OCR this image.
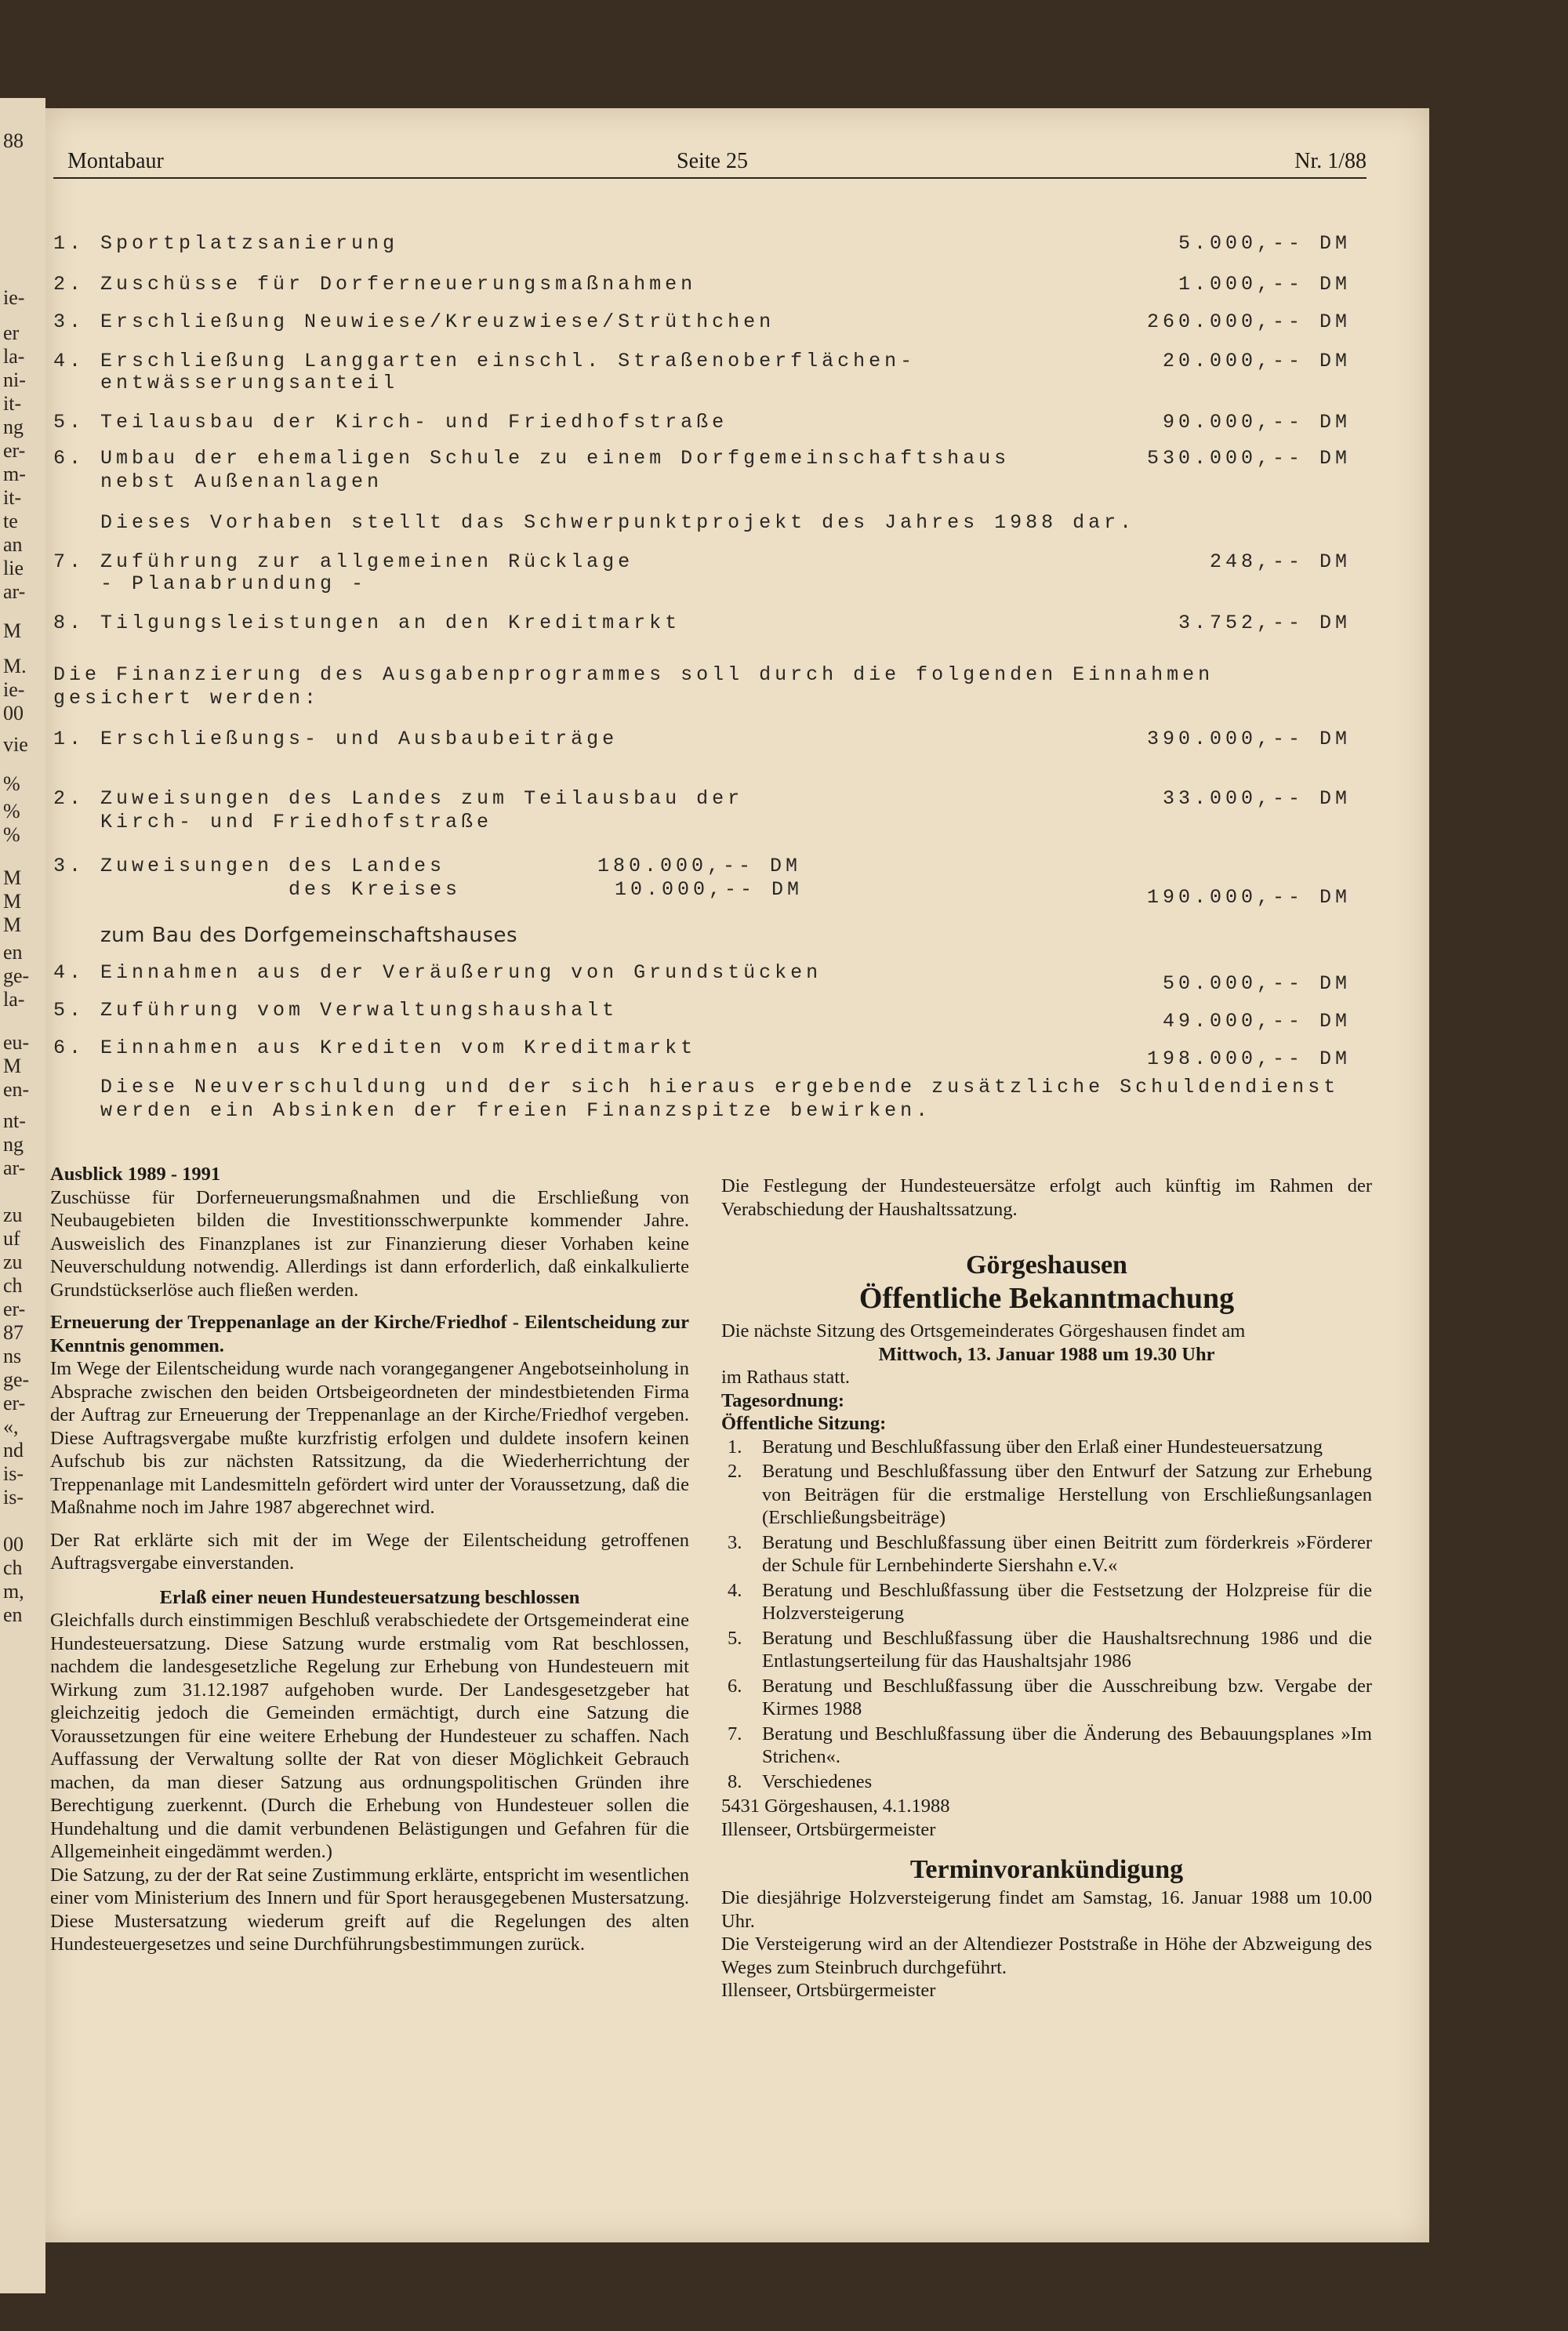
88
ie-
er
la-
ni-
it-
ng
er-
m-
it-
te
an
lie
ar-
M
M.
ie-
00
vie
%
%
%
M
M
M
en
ge-
la-
eu-
M
en-
nt-
ng
ar-
zu
uf
zu
ch
er-
87
ns
ge-
er-
«,
nd
is-
is-
00
ch
m,
en
Montabaur	Seite 25	Nr. 1/88
1. Sportplatzsanierung	5.000,-- DM
2. Zuschüsse für Dorferneuerungsmaßnahmen	1.000,-- DM
3. Erschließung Neuwiese/Kreuzwiese/Strüthchen	260.000,-- DM
4. Erschließung Langgarten einschl. Straßenoberflächen-	20.000,-- DM
entwässerungsanteil
5. Teilausbau der Kirch- und Friedhofstraße	90.000,-- DM
6. Umbau der ehemaligen Schule zu einem Dorfgemeinschaftshaus	530.000,-- DM
nebst Außenanlagen
Dieses Vorhaben stellt das Schwerpunktprojekt des Jahres 1988 dar.
7. Zuführung zur allgemeinen Rücklage	248,-- DM
- Planabrundung -
8. Tilgungsleistungen an den Kreditmarkt	3.752,-- DM
Die Finanzierung des Ausgabenprogrammes soll durch die folgenden Einnahmen
gesichert werden:
1. Erschließungs- und Ausbaubeiträge	390.000,-- DM
2. Zuweisungen des Landes zum Teilausbau der	33.000,-- DM
Kirch- und Friedhofstraße
3. Zuweisungen des Landes	180.000,-- DM
des Kreises	10.000,-- DM	190.000,-- DM
zum Bau des Dorfgemeinschaftshauses
4. Einnahmen aus der Veräußerung von Grundstücken	50.000,-- DM
5. Zuführung vom Verwaltungshaushalt	49.000,-- DM
6. Einnahmen aus Krediten vom Kreditmarkt	198.000,-- DM
Diese Neuverschuldung und der sich hieraus ergebende zusätzliche Schuldendienst
werden ein Absinken der freien Finanzspitze bewirken.

Ausblick 1989 - 1991

Zuschüsse für Dorferneuerungsmaßnahmen und die Erschließung von Neubaugebieten bilden die Investitionsschwerpunkte kommender Jahre. Ausweislich des Finanzplanes ist zur Finanzierung dieser Vorhaben keine Neuverschuldung notwendig. Allerdings ist dann erforderlich, daß einkalkulierte Grundstückserlöse auch fließen werden.

Erneuerung der Treppenanlage an der Kirche/Friedhof - Eilentscheidung zur Kenntnis genommen.

Im Wege der Eilentscheidung wurde nach vorangegangener Angebotseinholung in Absprache zwischen den beiden Ortsbeigeordneten der mindestbietenden Firma der Auftrag zur Erneuerung der Treppenanlage an der Kirche/Friedhof vergeben. Diese Auftragsvergabe mußte kurzfristig erfolgen und duldete insofern keinen Aufschub bis zur nächsten Ratssitzung, da die Wiederherrichtung der Treppenanlage mit Landesmitteln gefördert wird unter der Voraussetzung, daß die Maßnahme noch im Jahre 1987 abgerechnet wird.

Der Rat erklärte sich mit der im Wege der Eilentscheidung getroffenen Auftragsvergabe einverstanden.

Erlaß einer neuen Hundesteuersatzung beschlossen

Gleichfalls durch einstimmigen Beschluß verabschiedete der Ortsgemeinderat eine Hundesteuersatzung. Diese Satzung wurde erstmalig vom Rat beschlossen, nachdem die landesgesetzliche Regelung zur Erhebung von Hundesteuern mit Wirkung zum 31.12.1987 aufgehoben wurde. Der Landesgesetzgeber hat gleichzeitig jedoch die Gemeinden ermächtigt, durch eine Satzung die Voraussetzungen für eine weitere Erhebung der Hundesteuer zu schaffen. Nach Auffassung der Verwaltung sollte der Rat von dieser Möglichkeit Gebrauch machen, da man dieser Satzung aus ordnungspolitischen Gründen ihre Berechtigung zuerkennt. (Durch die Erhebung von Hundesteuer sollen die Hundehaltung und die damit verbundenen Belästigungen und Gefahren für die Allgemeinheit eingedämmt werden.)

Die Satzung, zu der der Rat seine Zustimmung erklärte, entspricht im wesentlichen einer vom Ministerium des Innern und für Sport herausgegebenen Mustersatzung. Diese Mustersatzung wiederum greift auf die Regelungen des alten Hundesteuergesetzes und seine Durchführungsbestimmungen zurück.

Die Festlegung der Hundesteuersätze erfolgt auch künftig im Rahmen der Verabschiedung der Haushaltssatzung.

Görgeshausen
Öffentliche Bekanntmachung

Die nächste Sitzung des Ortsgemeinderates Görgeshausen findet am

Mittwoch, 13. Januar 1988 um 19.30 Uhr

im Rathaus statt.

Tagesordnung:

Öffentliche Sitzung:

1. Beratung und Beschlußfassung über den Erlaß einer Hundesteuersatzung
2. Beratung und Beschlußfassung über den Entwurf der Satzung zur Erhebung von Beiträgen für die erstmalige Herstellung von Erschließungsanlagen (Erschließungsbeiträge)
3. Beratung und Beschlußfassung über einen Beitritt zum förderkreis »Förderer der Schule für Lernbehinderte Siershahn e.V.«
4. Beratung und Beschlußfassung über die Festsetzung der Holzpreise für die Holzversteigerung
5. Beratung und Beschlußfassung über die Haushaltsrechnung 1986 und die Entlastungserteilung für das Haushaltsjahr 1986
6. Beratung und Beschlußfassung über die Ausschreibung bzw. Vergabe der Kirmes 1988
7. Beratung und Beschlußfassung über die Änderung des Bebauungsplanes »Im Strichen«.
8. Verschiedenes

5431 Görgeshausen, 4.1.1988

Illenseer, Ortsbürgermeister

Terminvorankündigung

Die diesjährige Holzversteigerung findet am Samstag, 16. Januar 1988 um 10.00 Uhr.

Die Versteigerung wird an der Altendiezer Poststraße in Höhe der Abzweigung des Weges zum Steinbruch durchgeführt.

Illenseer, Ortsbürgermeister
